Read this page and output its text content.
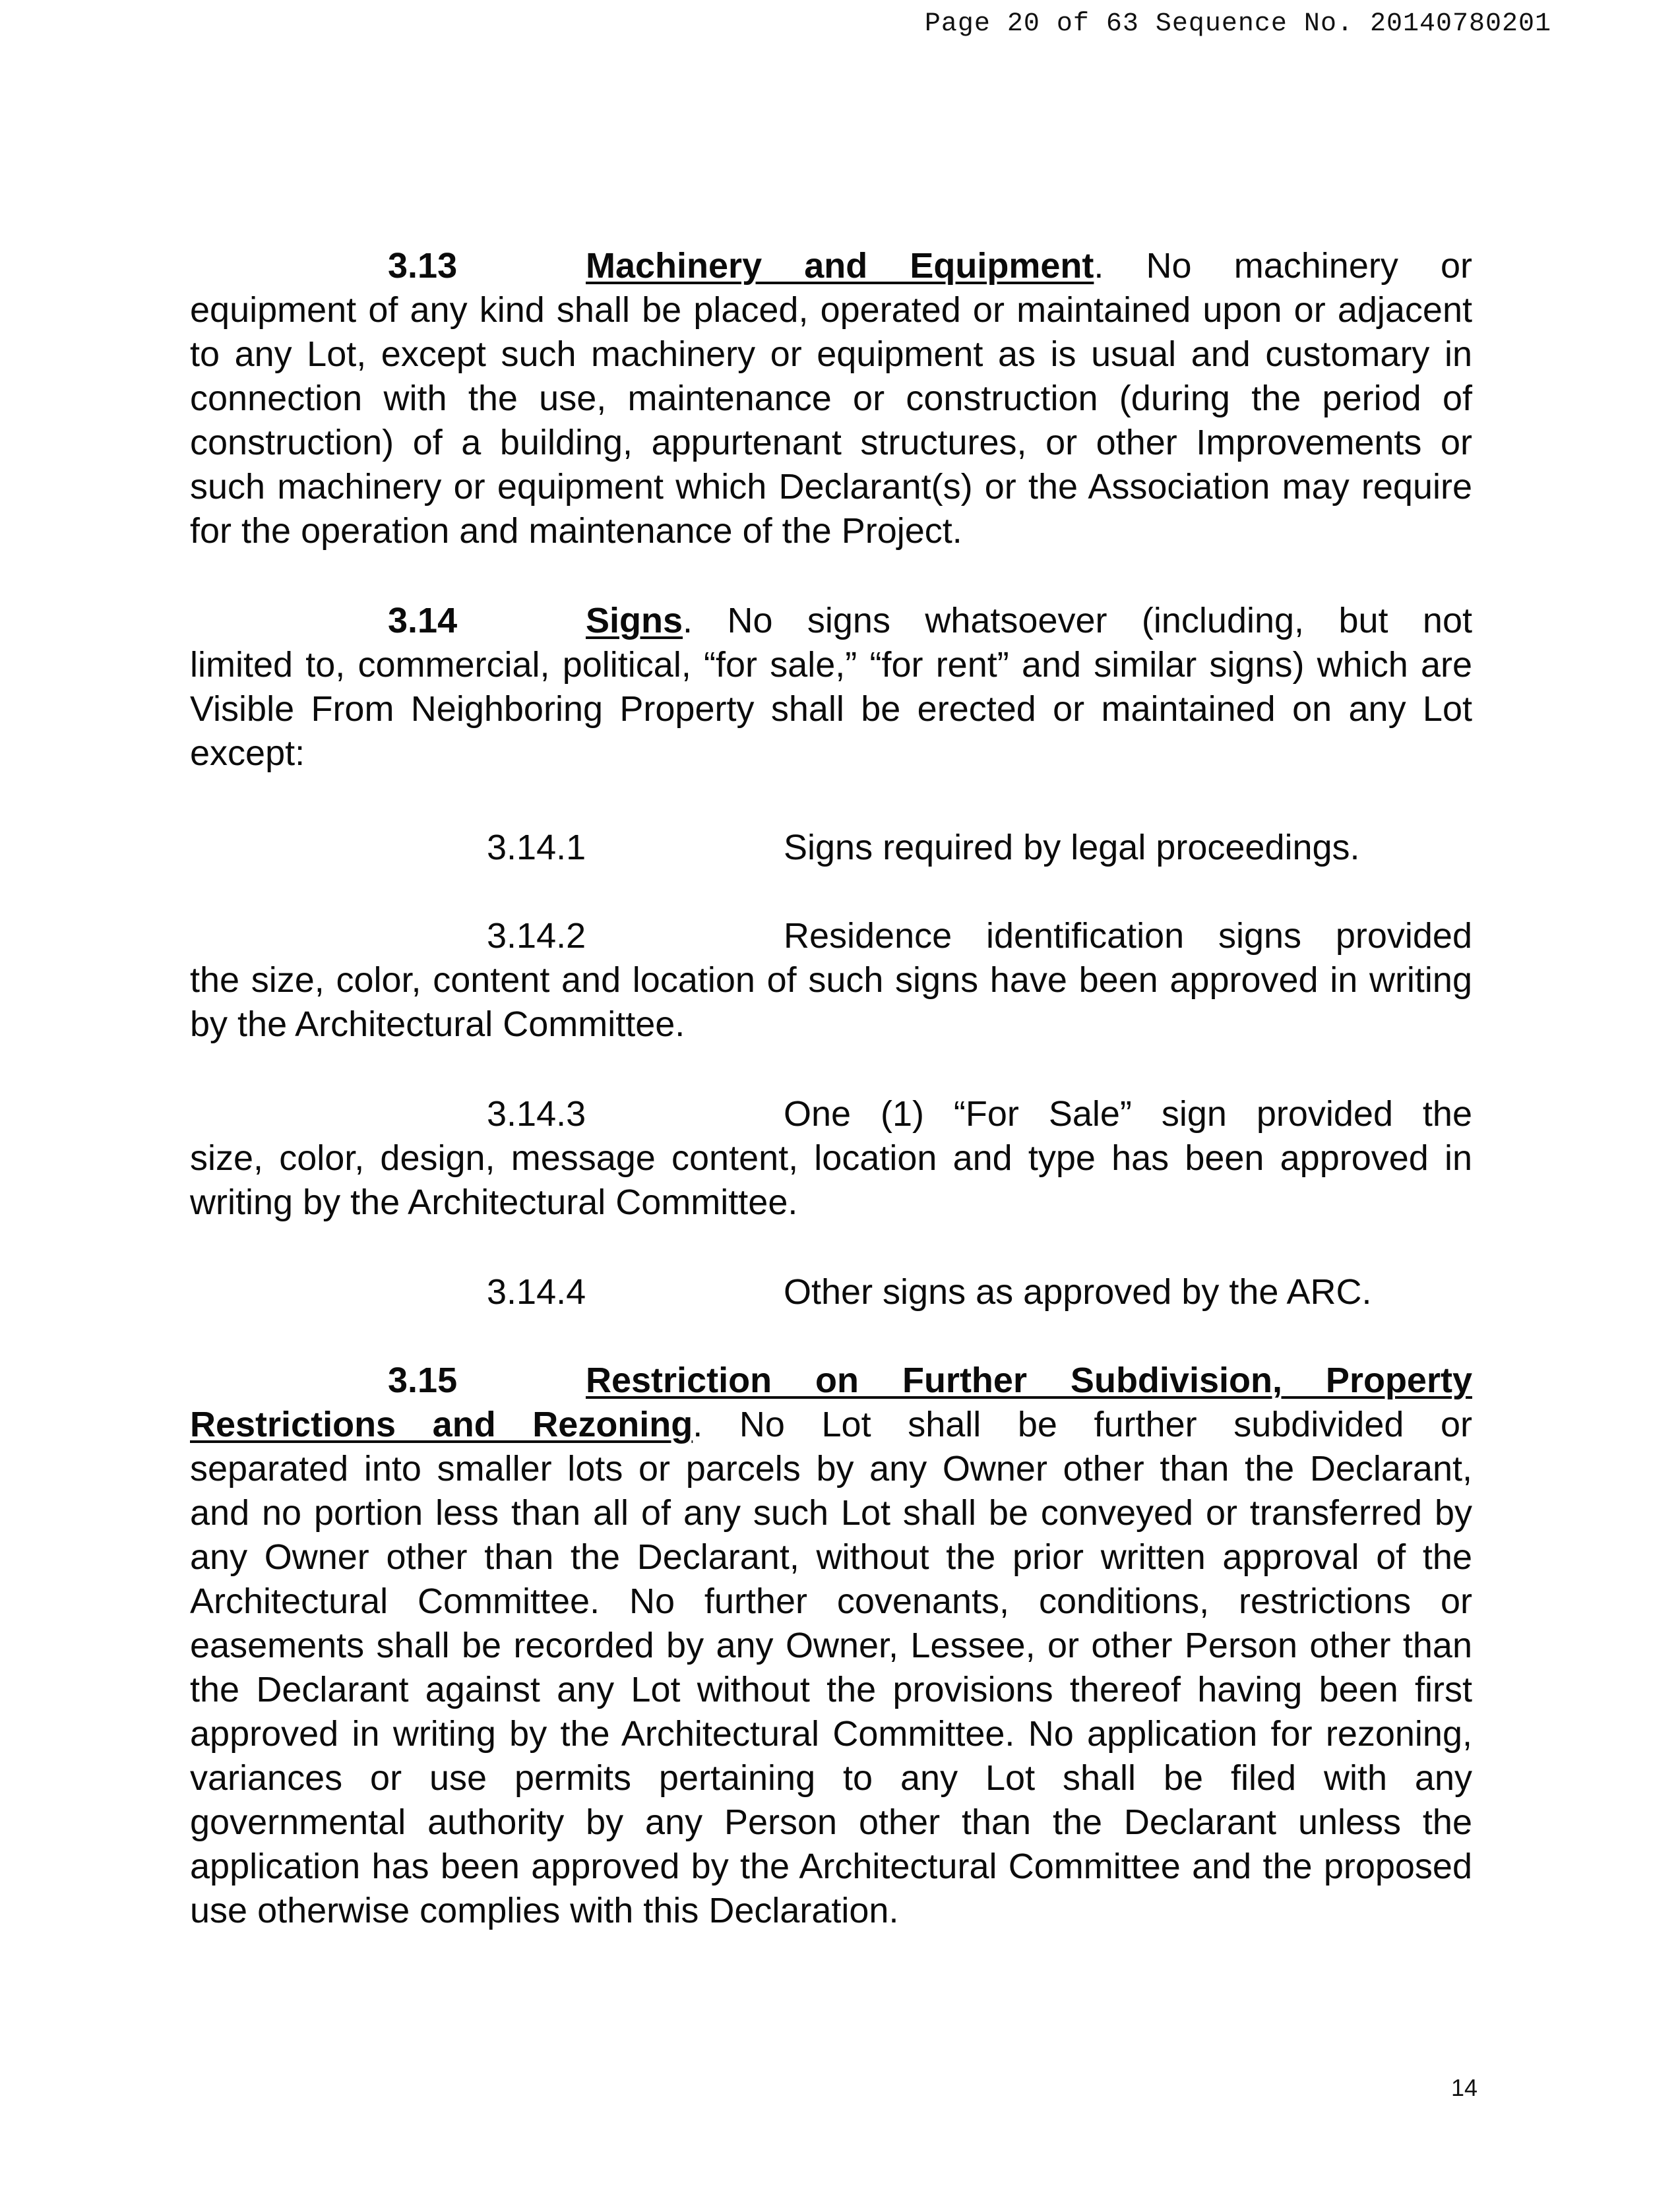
Page 20 of 63 Sequence No. 20140780201
3.13	Machinery and Equipment. No machinery or
equipment of any kind shall be placed, operated or maintained upon or adjacent to any Lot, except such machinery or equipment as is usual and customary in connection with the use, maintenance or construction (during the period of construction) of a building, appurtenant structures, or other Improvements or such machinery or equipment which Declarant(s) or the Association may require for the operation and maintenance of the Project.
3.14	Signs. No signs whatsoever (including, but not
limited to, commercial, political, “for sale,” “for rent” and similar signs) which are Visible From Neighboring Property shall be erected or maintained on any Lot except:
3.14.1	Signs required by legal proceedings.
3.14.2	Residence identification signs provided
the size, color, content and location of such signs have been approved in writing by the Architectural Committee.
3.14.3	One (1) “For Sale” sign provided the
size, color, design, message content, location and type has been approved in writing by the Architectural Committee.
3.14.4	Other signs as approved by the ARC.
3.15	Restriction on Further Subdivision, Property
Restrictions and Rezoning. No Lot shall be further subdivided or
separated into smaller lots or parcels by any Owner other than the Declarant, and no portion less than all of any such Lot shall be conveyed or transferred by any Owner other than the Declarant, without the prior written approval of the Architectural Committee. No further covenants, conditions, restrictions or easements shall be recorded by any Owner, Lessee, or other Person other than the Declarant against any Lot without the provisions thereof having been first approved in writing by the Architectural Committee. No application for rezoning, variances or use permits pertaining to any Lot shall be filed with any governmental authority by any Person other than the Declarant unless the application has been approved by the Architectural Committee and the proposed use otherwise complies with this Declaration.
14
